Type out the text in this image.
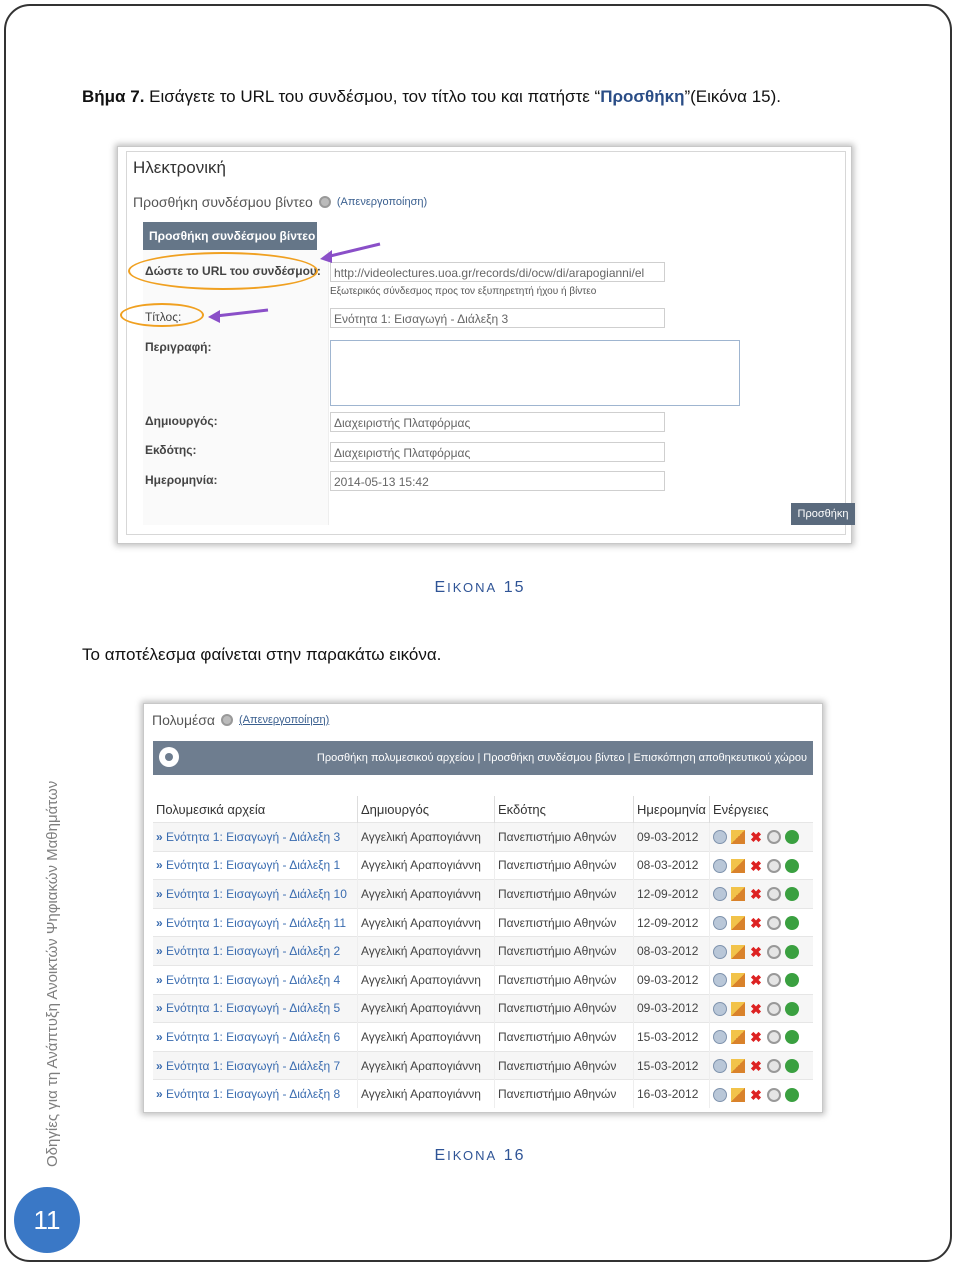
Βήμα 7. Εισάγετε το URL του συνδέσμου, τον τίτλο του και πατήστε “Προσθήκη”(Εικόνα 15).
Ηλεκτρονική
Προσθήκη συνδέσμου βίντεο (Απενεργοποίηση)
Προσθήκη συνδέσμου βίντεο
Δώστε το URL του συνδέσμου:	http://videolectures.uoa.gr/records/di/ocw/di/arapogianni/el
Εξωτερικός σύνδεσμος προς τον εξυπηρετητή ήχου ή βίντεο
Τίτλος:	Ενότητα 1: Εισαγωγή - Διάλεξη 3
Περιγραφή:
Δημιουργός:	Διαχειριστής Πλατφόρμας
Εκδότης:	Διαχειριστής Πλατφόρμας
Ημερομηνία:	2014-05-13 15:42
Προσθήκη
ΕΙΚΟΝΑ 15
Το αποτέλεσμα φαίνεται στην παρακάτω εικόνα.
Πολυμέσα (Απενεργοποίηση)
Προσθήκη πολυμεσικού αρχείου | Προσθήκη συνδέσμου βίντεο | Επισκόπηση αποθηκευτικού χώρου
Πολυμεσικά αρχεία	Δημιουργός	Εκδότης	Ημερομηνία	Ενέργειες
» Ενότητα 1: Εισαγωγή - Διάλεξη 3	Αγγελική Αραπογιάννη	Πανεπιστήμιο Αθηνών	09-03-2012	✖
» Ενότητα 1: Εισαγωγή - Διάλεξη 1	Αγγελική Αραπογιάννη	Πανεπιστήμιο Αθηνών	08-03-2012	✖
» Ενότητα 1: Εισαγωγή - Διάλεξη 10	Αγγελική Αραπογιάννη	Πανεπιστήμιο Αθηνών	12-09-2012	✖
» Ενότητα 1: Εισαγωγή - Διάλεξη 11	Αγγελική Αραπογιάννη	Πανεπιστήμιο Αθηνών	12-09-2012	✖
» Ενότητα 1: Εισαγωγή - Διάλεξη 2	Αγγελική Αραπογιάννη	Πανεπιστήμιο Αθηνών	08-03-2012	✖
» Ενότητα 1: Εισαγωγή - Διάλεξη 4	Αγγελική Αραπογιάννη	Πανεπιστήμιο Αθηνών	09-03-2012	✖
» Ενότητα 1: Εισαγωγή - Διάλεξη 5	Αγγελική Αραπογιάννη	Πανεπιστήμιο Αθηνών	09-03-2012	✖
» Ενότητα 1: Εισαγωγή - Διάλεξη 6	Αγγελική Αραπογιάννη	Πανεπιστήμιο Αθηνών	15-03-2012	✖
» Ενότητα 1: Εισαγωγή - Διάλεξη 7	Αγγελική Αραπογιάννη	Πανεπιστήμιο Αθηνών	15-03-2012	✖
» Ενότητα 1: Εισαγωγή - Διάλεξη 8	Αγγελική Αραπογιάννη	Πανεπιστήμιο Αθηνών	16-03-2012	✖
ΕΙΚΟΝΑ 16
Οδηγίες για τη Ανάπτυξη Ανοικτών Ψηφιακών Μαθημάτων
11
